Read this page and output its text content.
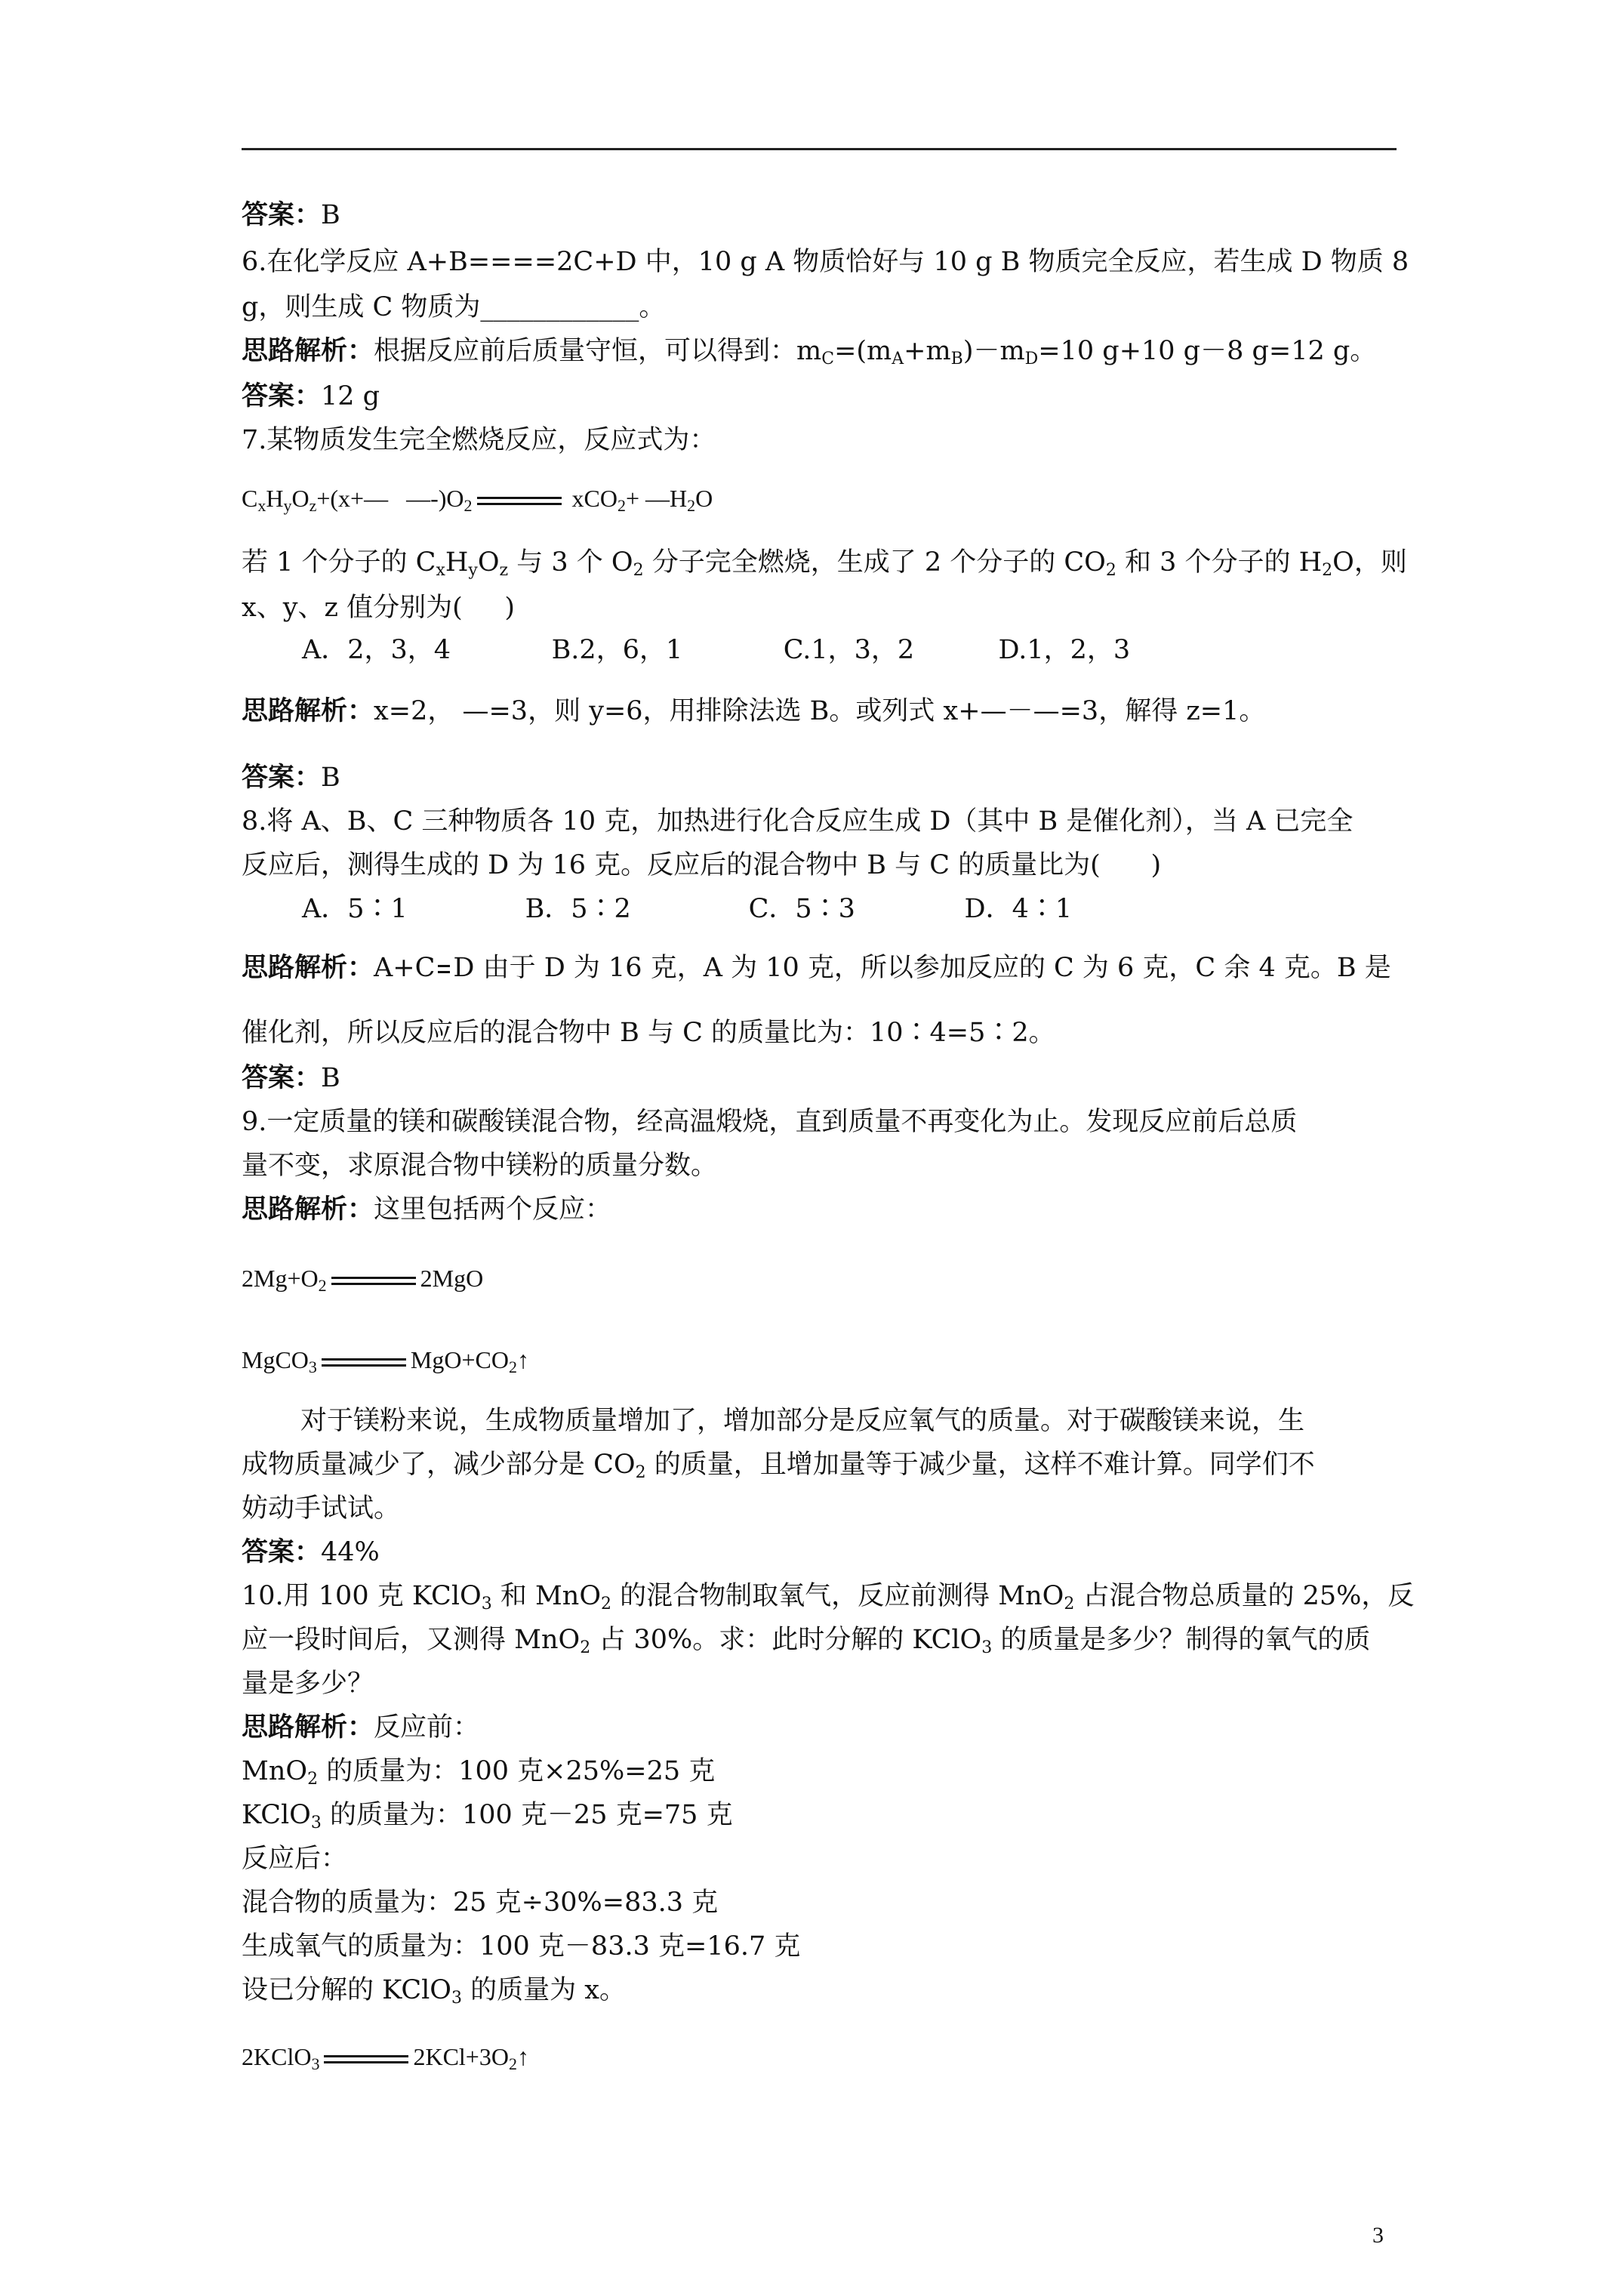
答案：B
6.在化学反应 A+B====2C+D 中，10 g A 物质恰好与 10 g B 物质完全反应，若生成 D 物质 8
g，则生成 C 物质为____________。
思路解析：根据反应前后质量守恒，可以得到：$m_C=(m_A+m_B)-m_D=10$ g+10 g－8 g=12 g。
答案：12 g
7.某物质发生完全燃烧反应，反应式为：
$C_xH_yO_z+(x+—$   $—-)O_2$	$xCO_2+ —H_2O$
若 1 个分子的 $C_xH_yO_z$ 与 3 个 $O_2$ 分子完全燃烧，生成了 2 个分子的 $CO_2$ 和 3 个分子的 $H_2O$，则
x、y、z 值分别为(     )
A．2，3，4            B.2，6，1            C.1，3，2          D.1，2，3
思路解析：x=2， —=3，则 y=6，用排除法选 B。或列式 x+—－—=3，解得 z=1。
答案：B
8.将 A、B、C 三种物质各 10 克，加热进行化合反应生成 D（其中 B 是催化剂），当 A 已完全
反应后，测得生成的 D 为 16 克。反应后的混合物中 B 与 C 的质量比为(      )
A．5∶1              B．5∶2              C．5∶3             D．4∶1
思路解析：A+C D 由于 D 为 16 克，A 为 10 克，所以参加反应的 C 为 6 克，C 余 4 克。B 是
催化剂，所以反应后的混合物中 B 与 C 的质量比为：10∶4=5∶2。
答案：B
9.一定质量的镁和碳酸镁混合物，经高温煅烧，直到质量不再变化为止。发现反应前后总质
量不变，求原混合物中镁粉的质量分数。
思路解析：这里包括两个反应：
$2Mg+O_2$	2MgO
MgCO$_3$	$MgO+CO_2↑$
对于镁粉来说，生成物质量增加了，增加部分是反应氧气的质量。对于碳酸镁来说，生
成物质量减少了，减少部分是 $CO_2$ 的质量，且增加量等于减少量，这样不难计算。同学们不
妨动手试试。
答案：44%
10.用 100 克 KClO$_3$ 和 MnO$_2$ 的混合物制取氧气，反应前测得 MnO$_2$ 占混合物总质量的 25%，反
应一段时间后，又测得 MnO$_2$ 占 30%。求：此时分解的 KClO$_3$ 的质量是多少？制得的氧气的质
量是多少？
思路解析：反应前：
MnO$_2$ 的质量为：100 克×25%=25 克
KClO$_3$ 的质量为：100 克－25 克=75 克
反应后：
混合物的质量为：25 克÷30%=83.3 克
生成氧气的质量为：100 克－83.3 克=16.7 克
设已分解的 KClO$_3$ 的质量为 x。
2KClO$_3$	$2KCl+3O_2↑$
3
